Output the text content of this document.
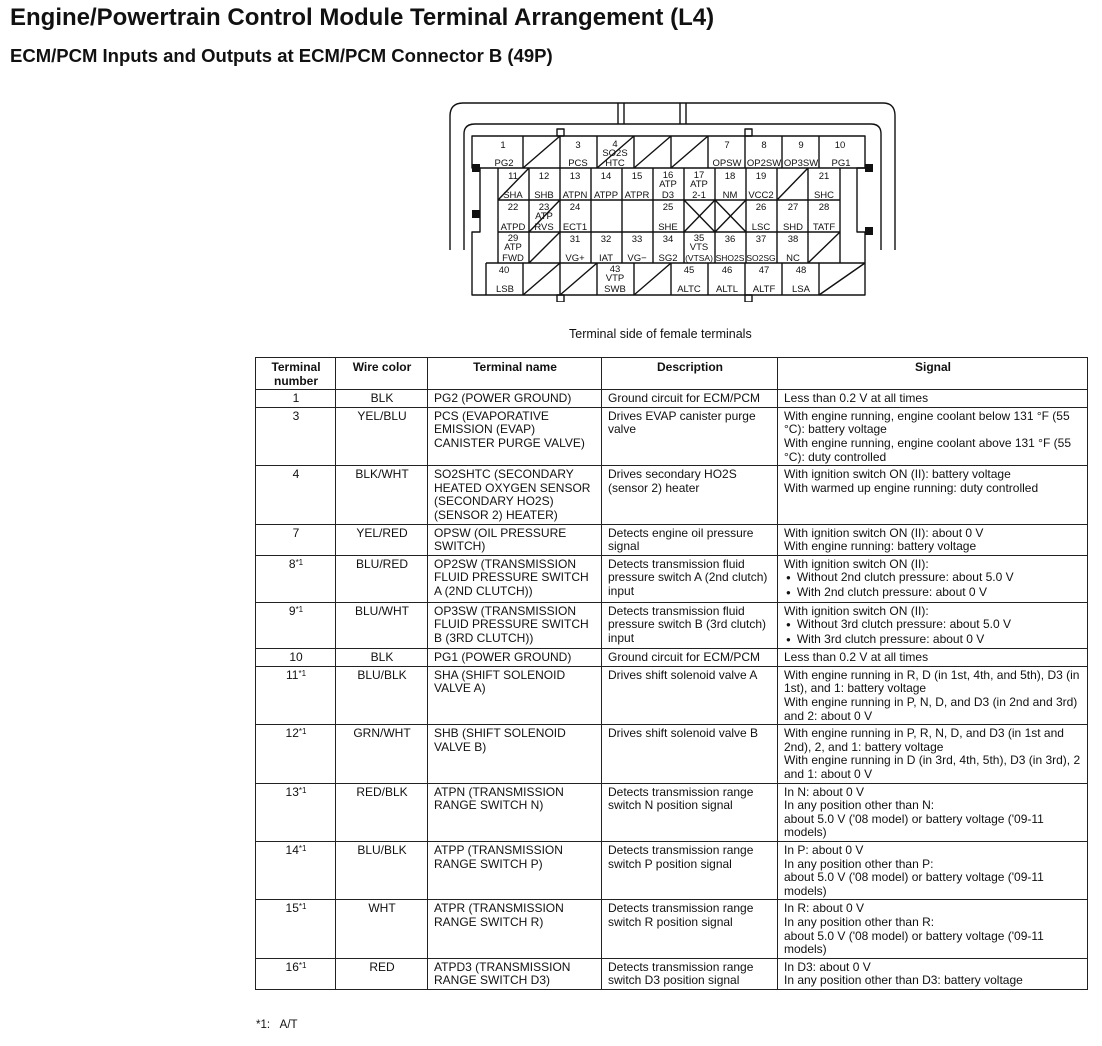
Engine/Powertrain Control Module Terminal Arrangement (L4)
ECM/PCM Inputs and Outputs at ECM/PCM Connector B (49P)
1
PG2
3
PCS
4
SO2S
HTC
7
OPSW
8
OP2SW
9
OP3SW
10
PG1
11
SHA
12
SHB
13
ATPN
14
ATPP
15
ATPR
16
ATP
D3
17
ATP
2-1
18
NM
19
VCC2
21
SHC
22
ATPD
23
ATP
RVS
24
ECT1
25
SHE
26
LSC
27
SHD
28
TATF
29
ATP
FWD
31
VG+
32
IAT
33
VG−
34
SG2
35
VTS
(VTSA)
36
SHO2S
37
SO2SG
38
NC
40
LSB
43
VTP
SWB
45
ALTC
46
ALTL
47
ALTF
48
LSA
Terminal side of female terminals
Terminal
number	Wire color	Terminal name	Description	Signal
1	BLK	PG2 (POWER GROUND)	Ground circuit for ECM/PCM	Less than 0.2 V at all times

3	YEL/BLU	PCS (EVAPORATIVE EMISSION (EVAP) CANISTER PURGE VALVE)	Drives EVAP canister purge valve	With engine running, engine coolant below 131 °F (55 °C): battery voltage
With engine running, engine coolant above 131 °F (55 °C): duty controlled

4	BLK/WHT	SO2SHTC (SECONDARY HEATED OXYGEN SENSOR (SECONDARY HO2S) (SENSOR 2) HEATER)	Drives secondary HO2S (sensor 2) heater	With ignition switch ON (II): battery voltage
With warmed up engine running: duty controlled

7	YEL/RED	OPSW (OIL PRESSURE SWITCH)	Detects engine oil pressure signal	With ignition switch ON (II): about 0 V
With engine running: battery voltage

8$^{*1}$	BLU/RED	OP2SW (TRANSMISSION FLUID PRESSURE SWITCH A (2ND CLUTCH))	Detects transmission fluid pressure switch A (2nd clutch) input	With ignition switch ON (II):
● Without 2nd clutch pressure: about 5.0 V
● With 2nd clutch pressure: about 0 V

9$^{*1}$	BLU/WHT	OP3SW (TRANSMISSION FLUID PRESSURE SWITCH B (3RD CLUTCH))	Detects transmission fluid pressure switch B (3rd clutch) input	With ignition switch ON (II):
● Without 3rd clutch pressure: about 5.0 V
● With 3rd clutch pressure: about 0 V

10	BLK	PG1 (POWER GROUND)	Ground circuit for ECM/PCM	Less than 0.2 V at all times

11$^{*1}$	BLU/BLK	SHA (SHIFT SOLENOID VALVE A)	Drives shift solenoid valve A	With engine running in R, D (in 1st, 4th, and 5th), D3 (in 1st), and 1: battery voltage
With engine running in P, N, D, and D3 (in 2nd and 3rd) and 2: about 0 V

12$^{*1}$	GRN/WHT	SHB (SHIFT SOLENOID VALVE B)	Drives shift solenoid valve B	With engine running in P, R, N, D, and D3 (in 1st and 2nd), 2, and 1: battery voltage
With engine running in D (in 3rd, 4th, 5th), D3 (in 3rd), 2 and 1: about 0 V

13$^{*1}$	RED/BLK	ATPN (TRANSMISSION RANGE SWITCH N)	Detects transmission range switch N position signal	In N: about 0 V
In any position other than N:
about 5.0 V ('08 model) or battery voltage ('09-11 models)

14$^{*1}$	BLU/BLK	ATPP (TRANSMISSION RANGE SWITCH P)	Detects transmission range switch P position signal	In P: about 0 V
In any position other than P:
about 5.0 V ('08 model) or battery voltage ('09-11 models)

15$^{*1}$	WHT	ATPR (TRANSMISSION RANGE SWITCH R)	Detects transmission range switch R position signal	In R: about 0 V
In any position other than R:
about 5.0 V ('08 model) or battery voltage ('09-11 models)

16$^{*1}$	RED	ATPD3 (TRANSMISSION RANGE SWITCH D3)	Detects transmission range switch D3 position signal	In D3: about 0 V
In any position other than D3: battery voltage
*1: A/T
